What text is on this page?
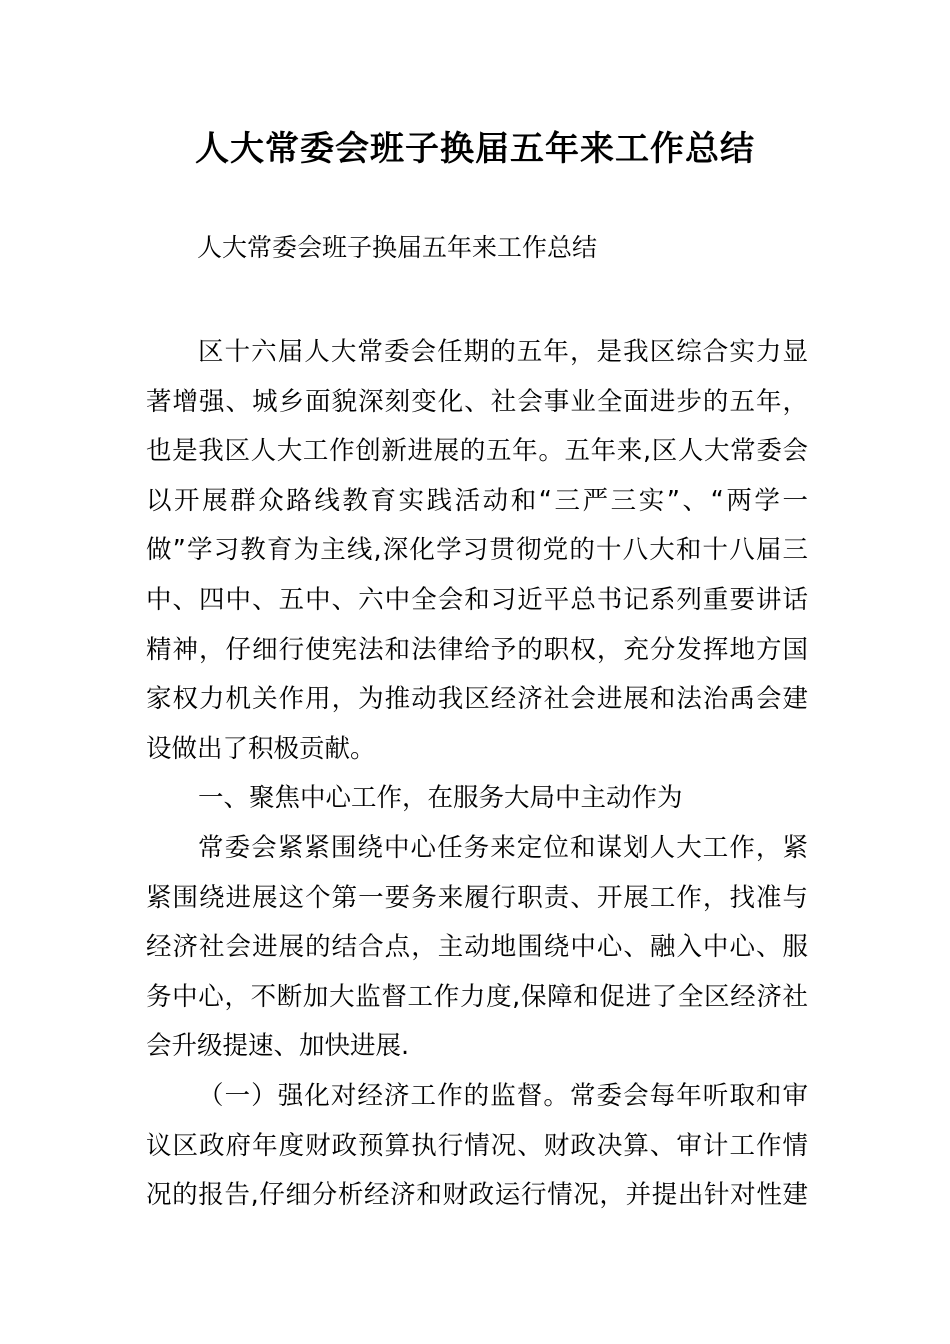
人大常委会班子换届五年来工作总结
人大常委会班子换届五年来工作总结
区十六届人大常委会任期的五年，是我区综合实力显
著增强、城乡面貌深刻变化、社会事业全面进步的五年，
也是我区人大工作创新进展的五年。五年来,区人大常委会
以开展群众路线教育实践活动和“三严三实”、“两学一
做”学习教育为主线,深化学习贯彻党的十八大和十八届三
中、四中、五中、六中全会和习近平总书记系列重要讲话
精神，仔细行使宪法和法律给予的职权，充分发挥地方国
家权力机关作用，为推动我区经济社会进展和法治禹会建
设做出了积极贡献。
一、聚焦中心工作，在服务大局中主动作为
常委会紧紧围绕中心任务来定位和谋划人大工作，紧
紧围绕进展这个第一要务来履行职责、开展工作，找准与
经济社会进展的结合点，主动地围绕中心、融入中心、服
务中心，不断加大监督工作力度,保障和促进了全区经济社
会升级提速、加快进展.
（一）强化对经济工作的监督。常委会每年听取和审
议区政府年度财政预算执行情况、财政决算、审计工作情
况的报告,仔细分析经济和财政运行情况，并提出针对性建
